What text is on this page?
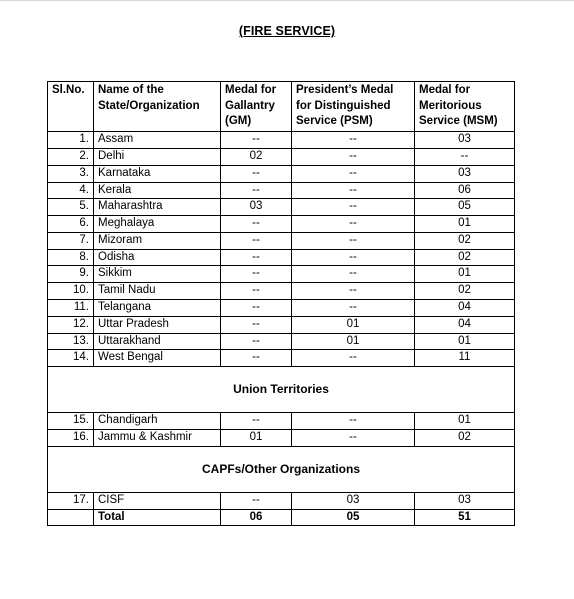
(FIRE SERVICE)
Sl.No.	Name of the State/Organization	Medal for Gallantry (GM)	President’s Medal for Distinguished Service (PSM)	Medal for Meritorious Service (MSM)
1.	Assam	--	--	03
2.	Delhi	02	--	--
3.	Karnataka	--	--	03
4.	Kerala	--	--	06
5.	Maharashtra	03	--	05
6.	Meghalaya	--	--	01
7.	Mizoram	--	--	02
8.	Odisha	--	--	02
9.	Sikkim	--	--	01
10.	Tamil Nadu	--	--	02
11.	Telangana	--	--	04
12.	Uttar Pradesh	--	01	04
13.	Uttarakhand	--	01	01
14.	West Bengal	--	--	11
Union Territories				
15.	Chandigarh	--	--	01
16.	Jammu & Kashmir	01	--	02
CAPFs/Other Organizations				
17.	CISF	--	03	03
	Total	06	05	51
